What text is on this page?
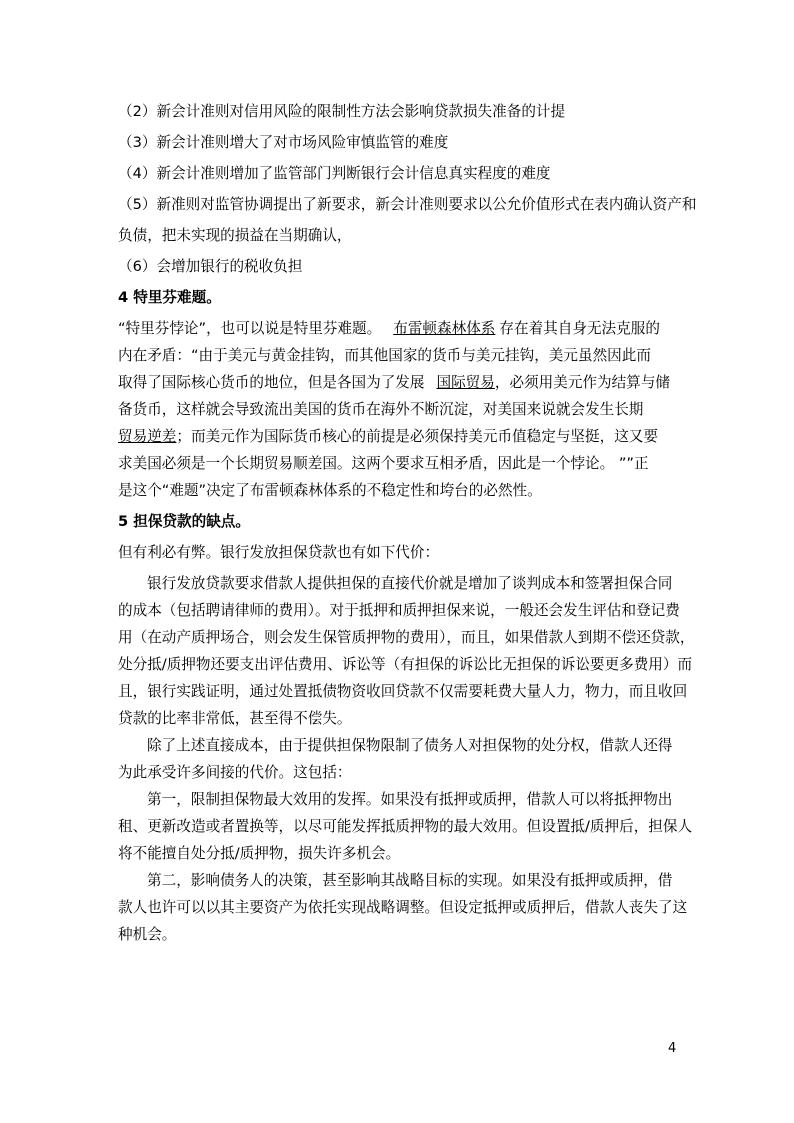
（2）新会计准则对信用风险的限制性方法会影响贷款损失准备的计提
（3）新会计准则增大了对市场风险审慎监管的难度
（4）新会计准则增加了监管部门判断银行会计信息真实程度的难度
（5）新准则对监管协调提出了新要求，新会计准则要求以公允价值形式在表内确认资产和
负债，把未实现的损益在当期确认，
（6）会增加银行的税收负担
4 特里芬难题。
“特里芬悖论”，也可以说是特里芬难题。 布雷顿森林体系 存在着其自身无法克服的
内在矛盾：“由于美元与黄金挂钩，而其他国家的货币与美元挂钩，美元虽然因此而
取得了国际核心货币的地位，但是各国为了发展 国际贸易，必须用美元作为结算与储
备货币，这样就会导致流出美国的货币在海外不断沉淀，对美国来说就会发生长期
贸易逆差；而美元作为国际货币核心的前提是必须保持美元币值稳定与坚挺，这又要
求美国必须是一个长期贸易顺差国。这两个要求互相矛盾，因此是一个悖论。 ””正
是这个“难题”决定了布雷顿森林体系的不稳定性和垮台的必然性。
5 担保贷款的缺点。
但有利必有弊。银行发放担保贷款也有如下代价：
银行发放贷款要求借款人提供担保的直接代价就是增加了谈判成本和签署担保合同
的成本（包括聘请律师的费用）。对于抵押和质押担保来说，一般还会发生评估和登记费
用（在动产质押场合，则会发生保管质押物的费用），而且，如果借款人到期不偿还贷款，
处分抵/质押物还要支出评估费用、诉讼等（有担保的诉讼比无担保的诉讼要更多费用）而
且，银行实践证明，通过处置抵债物资收回贷款不仅需要耗费大量人力，物力，而且收回
贷款的比率非常低，甚至得不偿失。
除了上述直接成本，由于提供担保物限制了债务人对担保物的处分权，借款人还得
为此承受许多间接的代价。这包括：
第一，限制担保物最大效用的发挥。如果没有抵押或质押，借款人可以将抵押物出
租、更新改造或者置换等，以尽可能发挥抵质押物的最大效用。但设置抵/质押后，担保人
将不能擅自处分抵/质押物，损失许多机会。
第二，影响债务人的决策，甚至影响其战略目标的实现。如果没有抵押或质押，借
款人也许可以以其主要资产为依托实现战略调整。但设定抵押或质押后，借款人丧失了这
种机会。
4
